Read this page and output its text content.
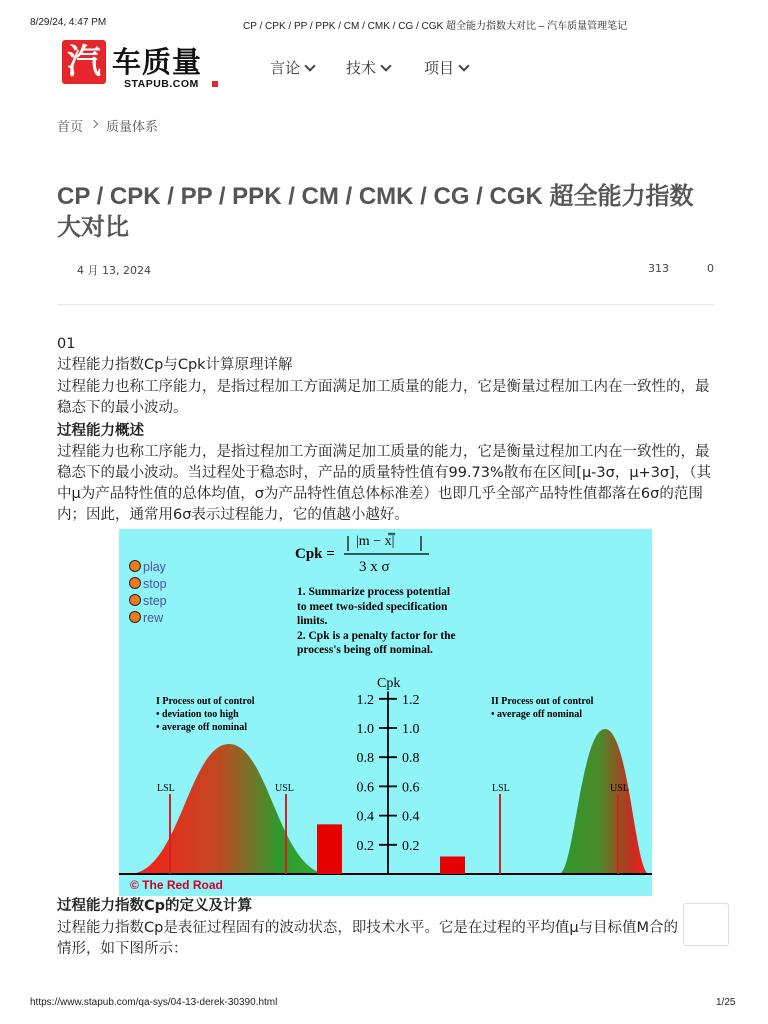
8/29/24, 4:47 PM	CP / CPK / PP / PPK / CM / CMK / CG / CGK 超全能力指数大对比 – 汽车质量管理笔记
汽 车质量
STAPUB.COM
言论	技术	项目
首页 质量体系
CP / CPK / PP / PPK / CM / CMK / CG / CGK 超全能力指数大对比
4 月 13, 2024	313	0
01
过程能力指数Cp与Cpk计算原理详解
过程能力也称工序能力，是指过程加工方面满足加工质量的能力，它是衡量过程加工内在一致性的，最稳态下的最小波动。
过程能力概述
过程能力也称工序能力，是指过程加工方面满足加工质量的能力，它是衡量过程加工内在一致性的，最稳态下的最小波动。当过程处于稳态时，产品的质量特性值有99.73%散布在区间[μ-3σ，μ+3σ]，（其中μ为产品特性值的总体均值，σ为产品特性值总体标准差）也即几乎全部产品特性值都落在6σ的范围内；因此，通常用6σ表示过程能力，它的值越小越好。
1.2 1.2
1.0 1.0
0.8 0.8
0.6 0.6
0.4 0.4
0.2 0.2
play
stop
step
rew
Cpk =
|m − x̿|
3 x σ
1. Summarize process potential
to meet two-sided specification
limits.
2. Cpk is a penalty factor for the
process's being off nominal.
I Process out of control
• deviation too high
• average off nominal
II Process out of control
• average off nominal
Cpk
LSL	USL	LSL	USL
© The Red Road
过程能力指数Cp的定义及计算
过程能力指数Cp是表征过程固有的波动状态，即技术水平。它是在过程的平均值μ与目标值M合的情形，如下图所示：
https://www.stapub.com/qa-sys/04-13-derek-30390.html	1/25
